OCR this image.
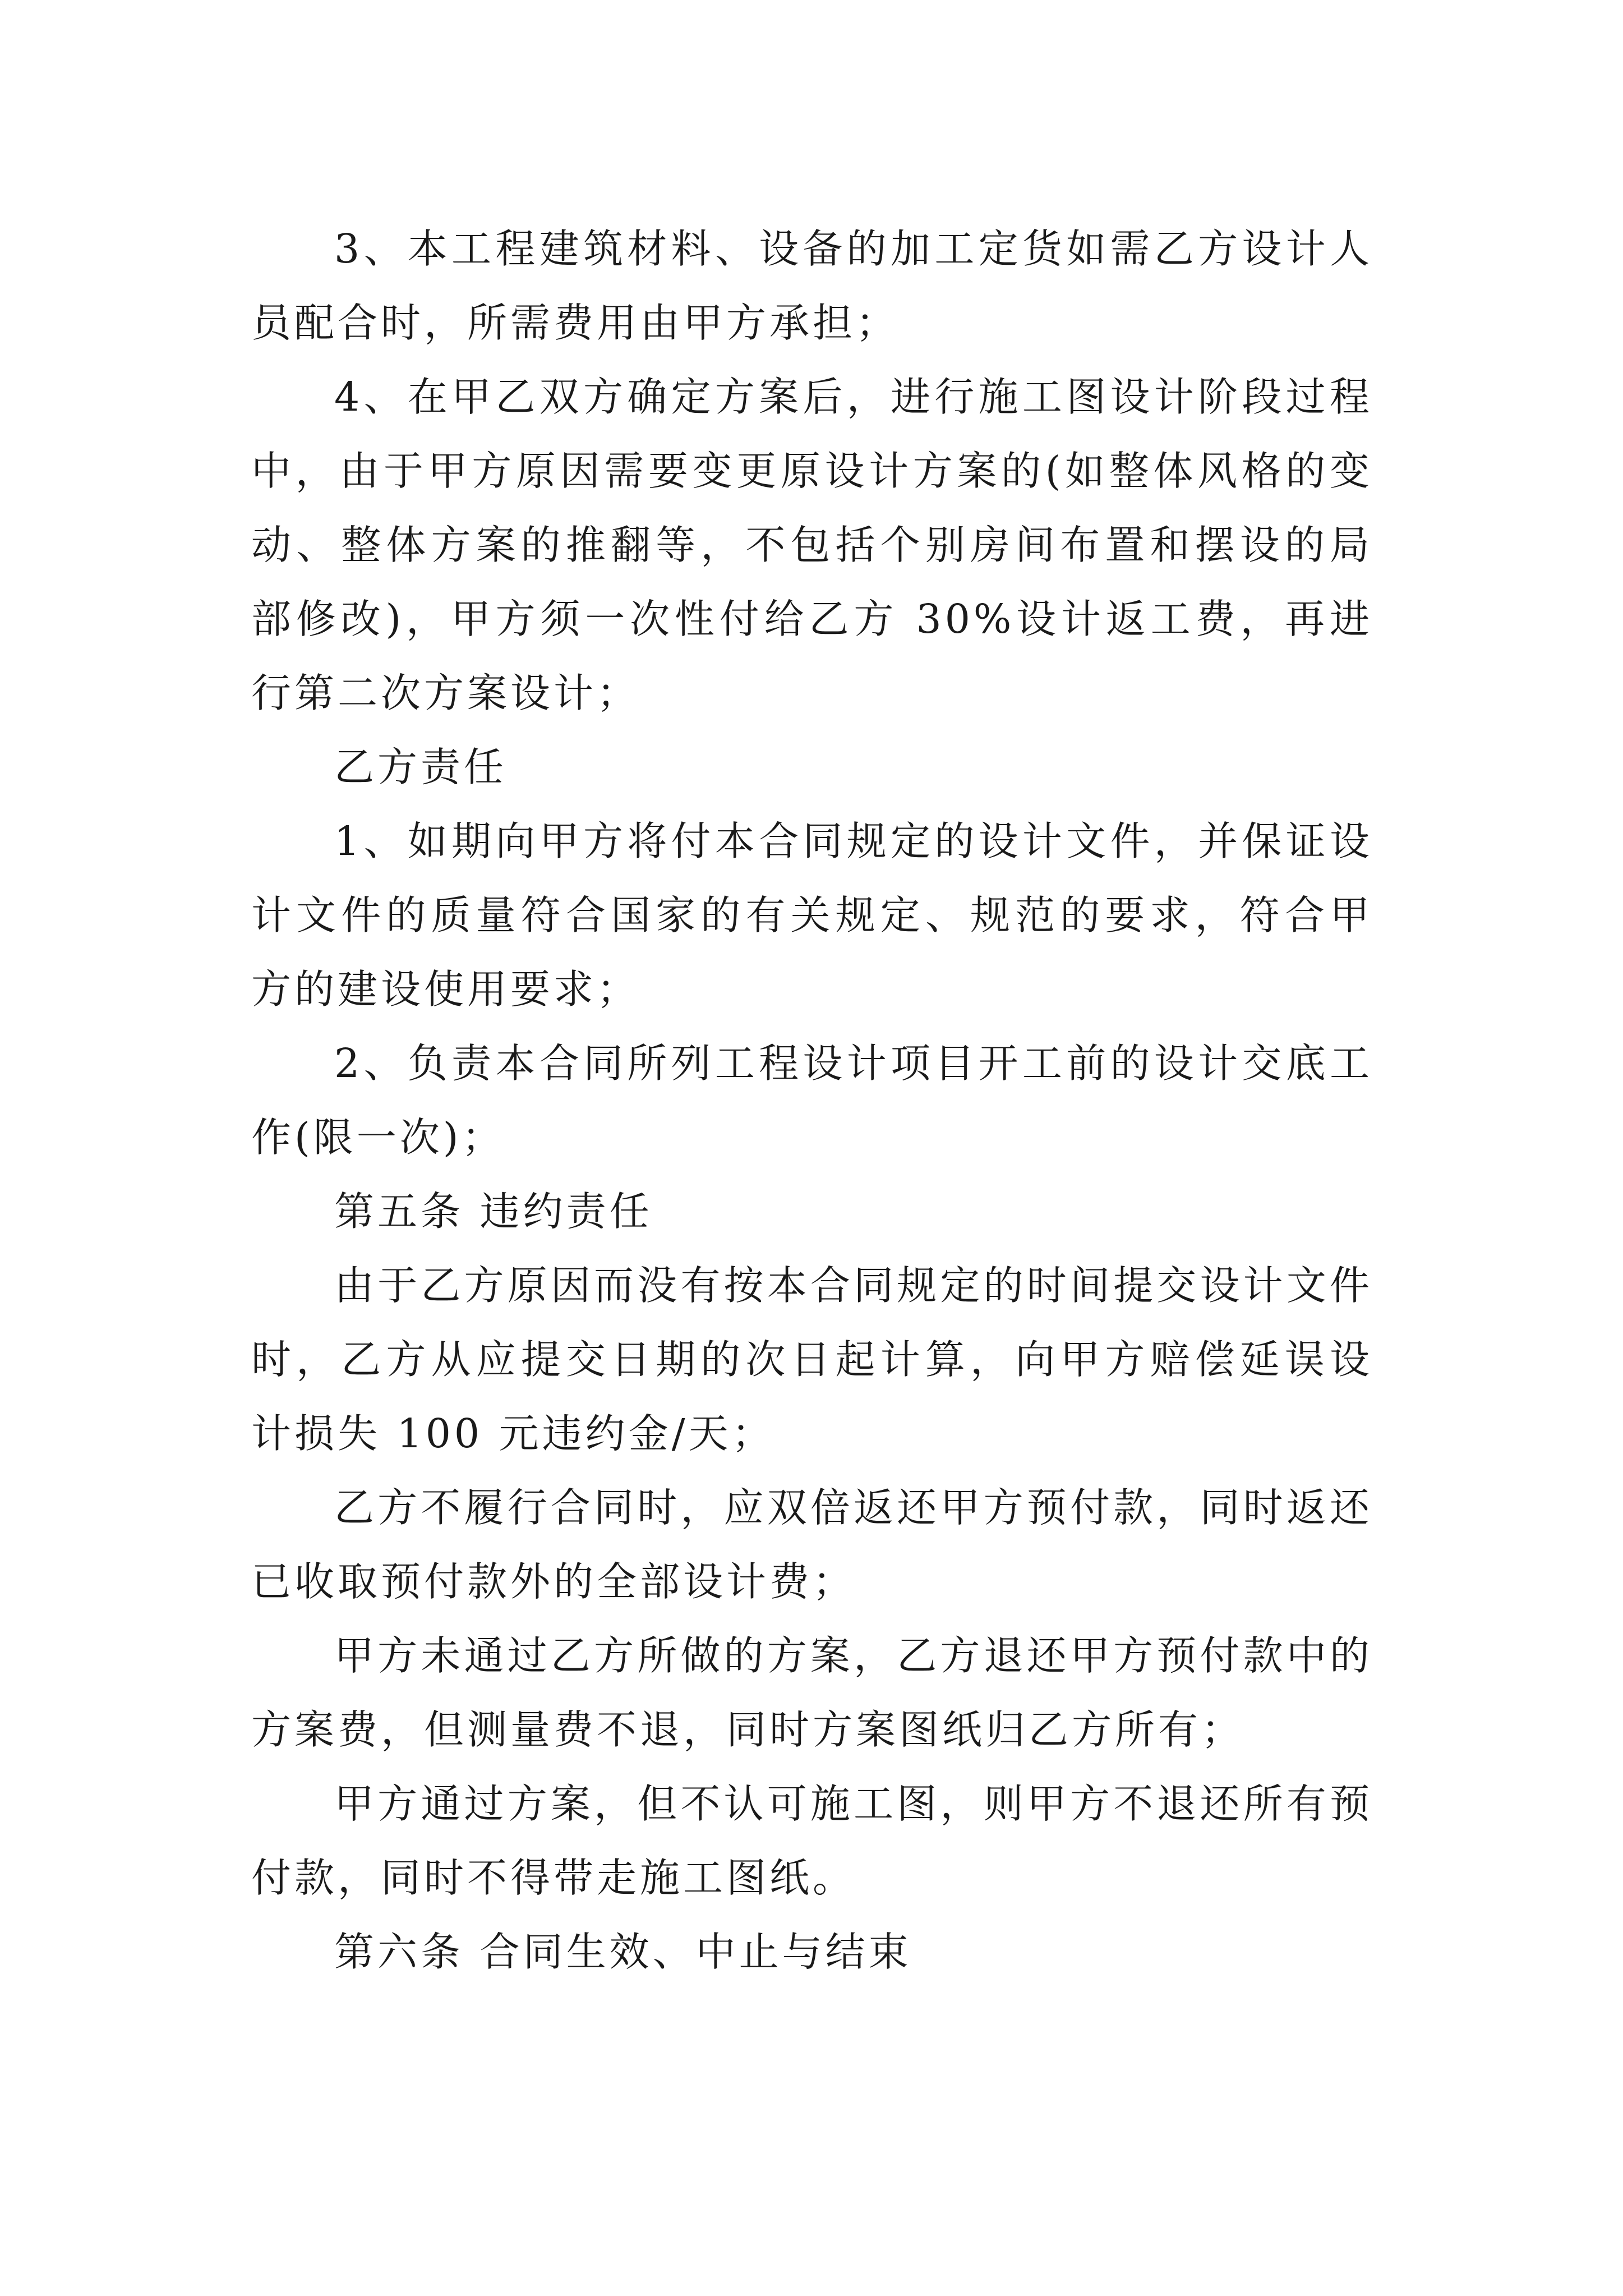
3、本工程建筑材料、设备的加工定货如需乙方设计人员配合时，所需费用由甲方承担；

4、在甲乙双方确定方案后，进行施工图设计阶段过程中，由于甲方原因需要变更原设计方案的(如整体风格的变动、整体方案的推翻等，不包括个别房间布置和摆设的局部修改)，甲方须一次性付给乙方 30%设计返工费，再进行第二次方案设计；

乙方责任

1、如期向甲方将付本合同规定的设计文件，并保证设计文件的质量符合国家的有关规定、规范的要求，符合甲方的建设使用要求；

2、负责本合同所列工程设计项目开工前的设计交底工作(限一次)；

第五条 违约责任

由于乙方原因而没有按本合同规定的时间提交设计文件时，乙方从应提交日期的次日起计算，向甲方赔偿延误设计损失 100 元违约金/天；

乙方不履行合同时，应双倍返还甲方预付款，同时返还已收取预付款外的全部设计费；

甲方未通过乙方所做的方案，乙方退还甲方预付款中的方案费，但测量费不退，同时方案图纸归乙方所有；

甲方通过方案，但不认可施工图，则甲方不退还所有预付款，同时不得带走施工图纸。

第六条 合同生效、中止与结束
